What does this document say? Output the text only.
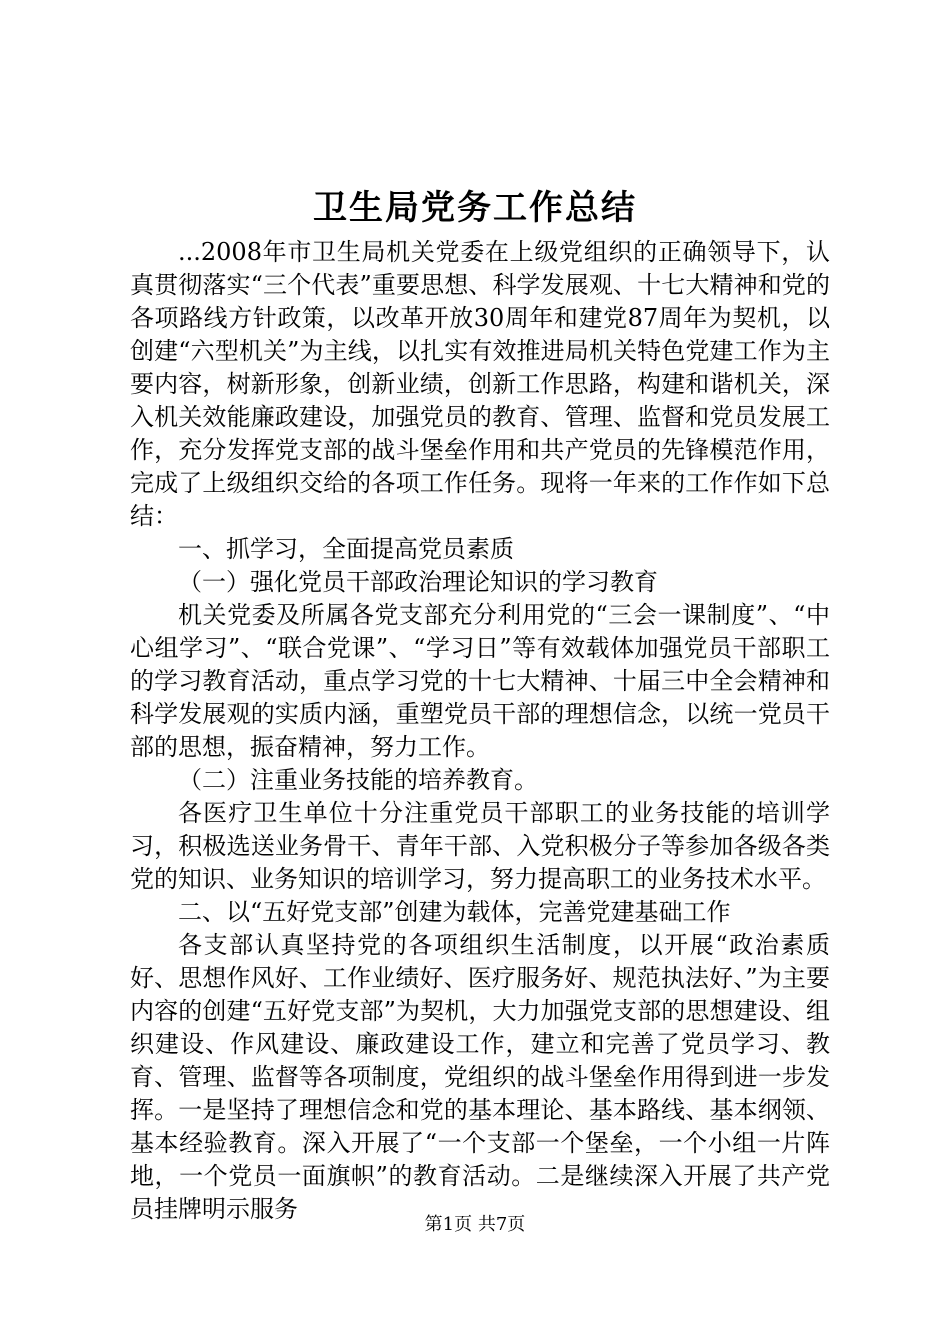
卫生局党务工作总结

...2008年市卫生局机关党委在上级党组织的正确领导下，认真贯彻落实“三个代表”重要思想、科学发展观、十七大精神和党的各项路线方针政策，以改革开放30周年和建党87周年为契机，以创建“六型机关”为主线，以扎实有效推进局机关特色党建工作为主要内容，树新形象，创新业绩，创新工作思路，构建和谐机关，深入机关效能廉政建设，加强党员的教育、管理、监督和党员发展工作，充分发挥党支部的战斗堡垒作用和共产党员的先锋模范作用，完成了上级组织交给的各项工作任务。现将一年来的工作作如下总结：

一、抓学习，全面提高党员素质

（一）强化党员干部政治理论知识的学习教育

机关党委及所属各党支部充分利用党的“三会一课制度”、“中心组学习”、“联合党课”、“学习日”等有效载体加强党员干部职工的学习教育活动，重点学习党的十七大精神、十届三中全会精神和科学发展观的实质内涵，重塑党员干部的理想信念，以统一党员干部的思想，振奋精神，努力工作。

（二）注重业务技能的培养教育。

各医疗卫生单位十分注重党员干部职工的业务技能的培训学习，积极选送业务骨干、青年干部、入党积极分子等参加各级各类党的知识、业务知识的培训学习，努力提高职工的业务技术水平。

二、以“五好党支部”创建为载体，完善党建基础工作

各支部认真坚持党的各项组织生活制度，以开展“政治素质好、思想作风好、工作业绩好、医疗服务好、规范执法好、”为主要内容的创建“五好党支部”为契机，大力加强党支部的思想建设、组织建设、作风建设、廉政建设工作，建立和完善了党员学习、教育、管理、监督等各项制度，党组织的战斗堡垒作用得到进一步发挥。一是坚持了理想信念和党的基本理论、基本路线、基本纲领、基本经验教育。深入开展了“一个支部一个堡垒，一个小组一片阵地，一个党员一面旗帜”的教育活动。二是继续深入开展了共产党员挂牌明示服务

第1页 共7页
